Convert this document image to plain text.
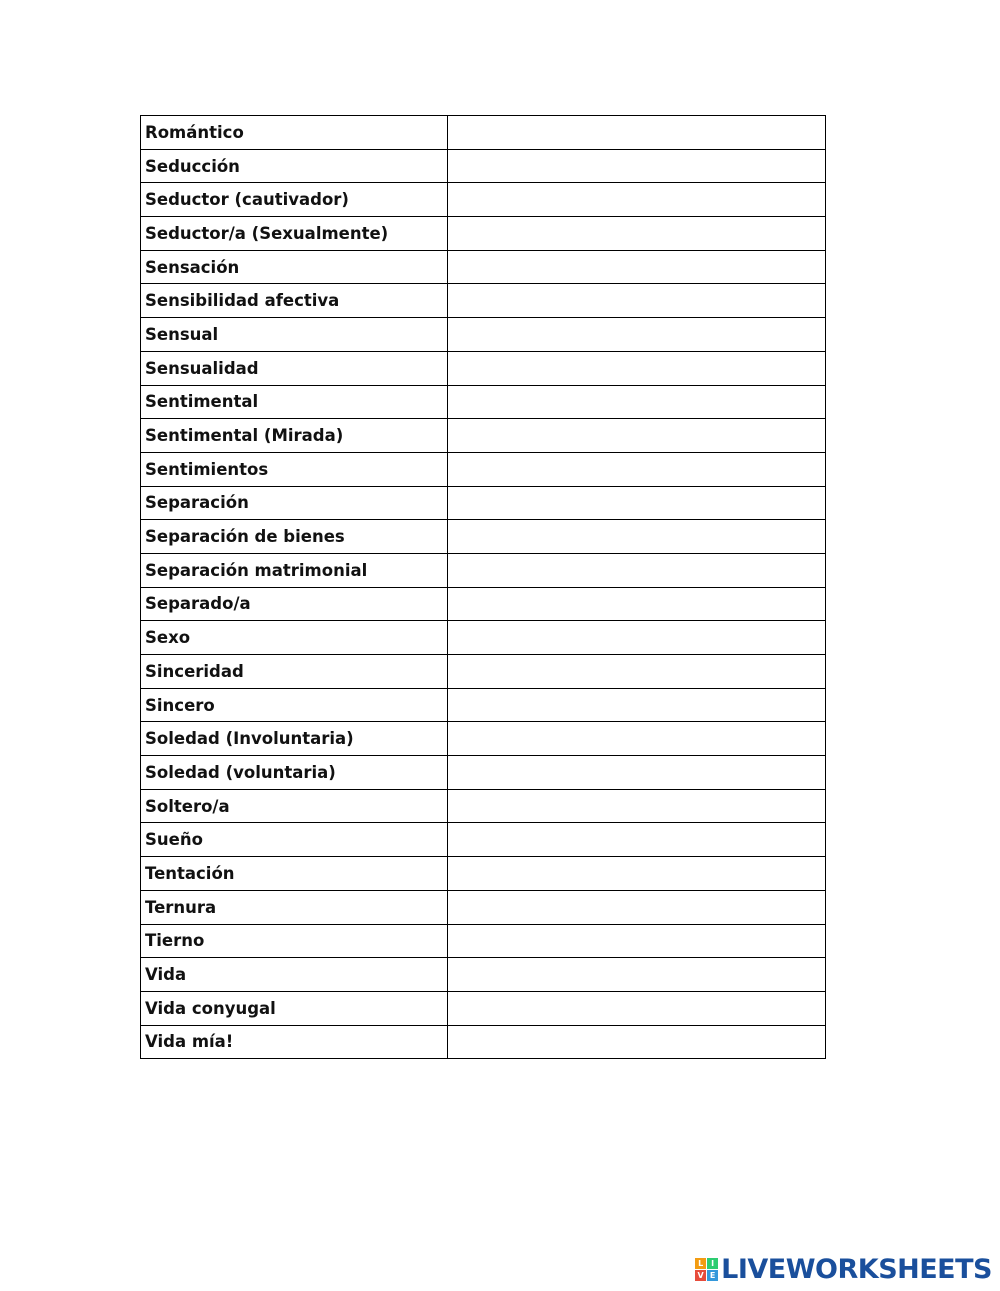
Romántico	
Seducción	
Seductor (cautivador)	
Seductor/a (Sexualmente)	
Sensación	
Sensibilidad afectiva	
Sensual	
Sensualidad	
Sentimental	
Sentimental (Mirada)	
Sentimientos	
Separación	
Separación de bienes	
Separación matrimonial	
Separado/a	
Sexo	
Sinceridad	
Sincero	
Soledad (Involuntaria)	
Soledad (voluntaria)	
Soltero/a	
Sueño	
Tentación	
Ternura	
Tierno	
Vida	
Vida conyugal	
Vida mía!	
L I
V E LIVEWORKSHEETS
